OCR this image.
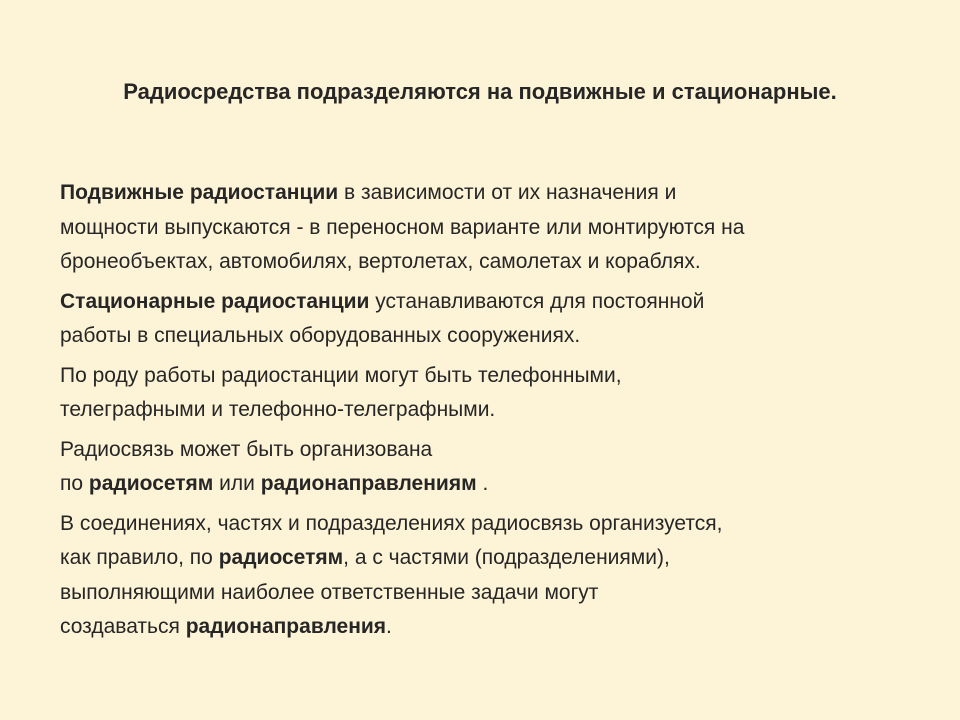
Радиосредства подразделяются на подвижные и стационарные.
Подвижные радиостанции в зависимости от их назначения и
мощности выпускаются - в переносном варианте или монтируются на
бронеобъектах, автомобилях, вертолетах, самолетах и кораблях.
Стационарные радиостанции устанавливаются для постоянной
работы в специальных оборудованных сооружениях.
По роду работы радиостанции могут быть телефонными,
телеграфными и телефонно-телеграфными.
Радиосвязь может быть организована
по радиосетям или радионаправлениям .
В соединениях, частях и подразделениях радиосвязь организуется,
как правило, по радиосетям, а с частями (подразделениями),
выполняющими наиболее ответственные задачи могут
создаваться радионаправления.
